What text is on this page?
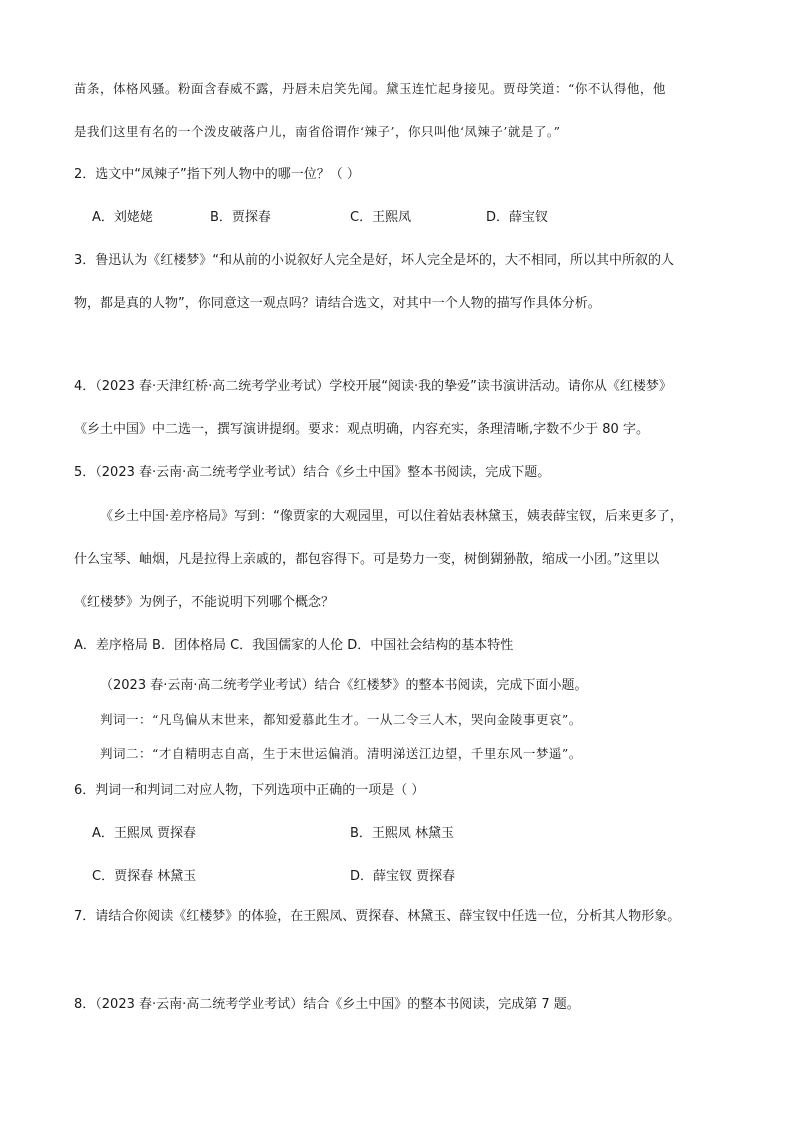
苗条，体格风骚。粉面含春威不露，丹唇未启笑先闻。黛玉连忙起身接见。贾母笑道：“你不认得他，他
是我们这里有名的一个泼皮破落户儿，南省俗谓作‘辣子’，你只叫他‘凤辣子’就是了。”
2．选文中“凤辣子”指下列人物中的哪一位？（ ）
A．刘姥姥	B．贾探春	C．王熙凤	D．薛宝钗
3．鲁迅认为《红楼梦》“和从前的小说叙好人完全是好，坏人完全是坏的，大不相同，所以其中所叙的人
物，都是真的人物”，你同意这一观点吗？请结合选文，对其中一个人物的描写作具体分析。
4．（2023 春·天津红桥·高二统考学业考试）学校开展“阅读·我的挚爱”读书演讲活动。请你从《红楼梦》
《乡土中国》中二选一，撰写演讲提纲。要求：观点明确，内容充实，条理清晰,字数不少于 80 字。
5．（2023 春·云南·高二统考学业考试）结合《乡土中国》整本书阅读，完成下题。
《乡土中国·差序格局》写到：“像贾家的大观园里，可以住着姑表林黛玉，姨表薛宝钗，后来更多了，
什么宝琴、岫烟，凡是拉得上亲戚的，都包容得下。可是势力一变，树倒猢狲散，缩成一小团。”这里以
《红楼梦》为例子，不能说明下列哪个概念？
A．差序格局 B．团体格局 C．我国儒家的人伦 D．中国社会结构的基本特性
（2023 春·云南·高二统考学业考试）结合《红楼梦》的整本书阅读，完成下面小题。
判词一：“凡鸟偏从末世来，都知爱慕此生才。一从二令三人木，哭向金陵事更哀”。
判词二：“才自精明志自高，生于末世运偏消。清明涕送江边望，千里东风一梦遥”。
6．判词一和判词二对应人物，下列选项中正确的一项是（ ）
A．王熙凤 贾探春	B．王熙凤 林黛玉
C．贾探春 林黛玉	D．薛宝钗 贾探春
7．请结合你阅读《红楼梦》的体验，在王熙凤、贾探春、林黛玉、薛宝钗中任选一位，分析其人物形象。
8．（2023 春·云南·高二统考学业考试）结合《乡土中国》的整本书阅读，完成第 7 题。
